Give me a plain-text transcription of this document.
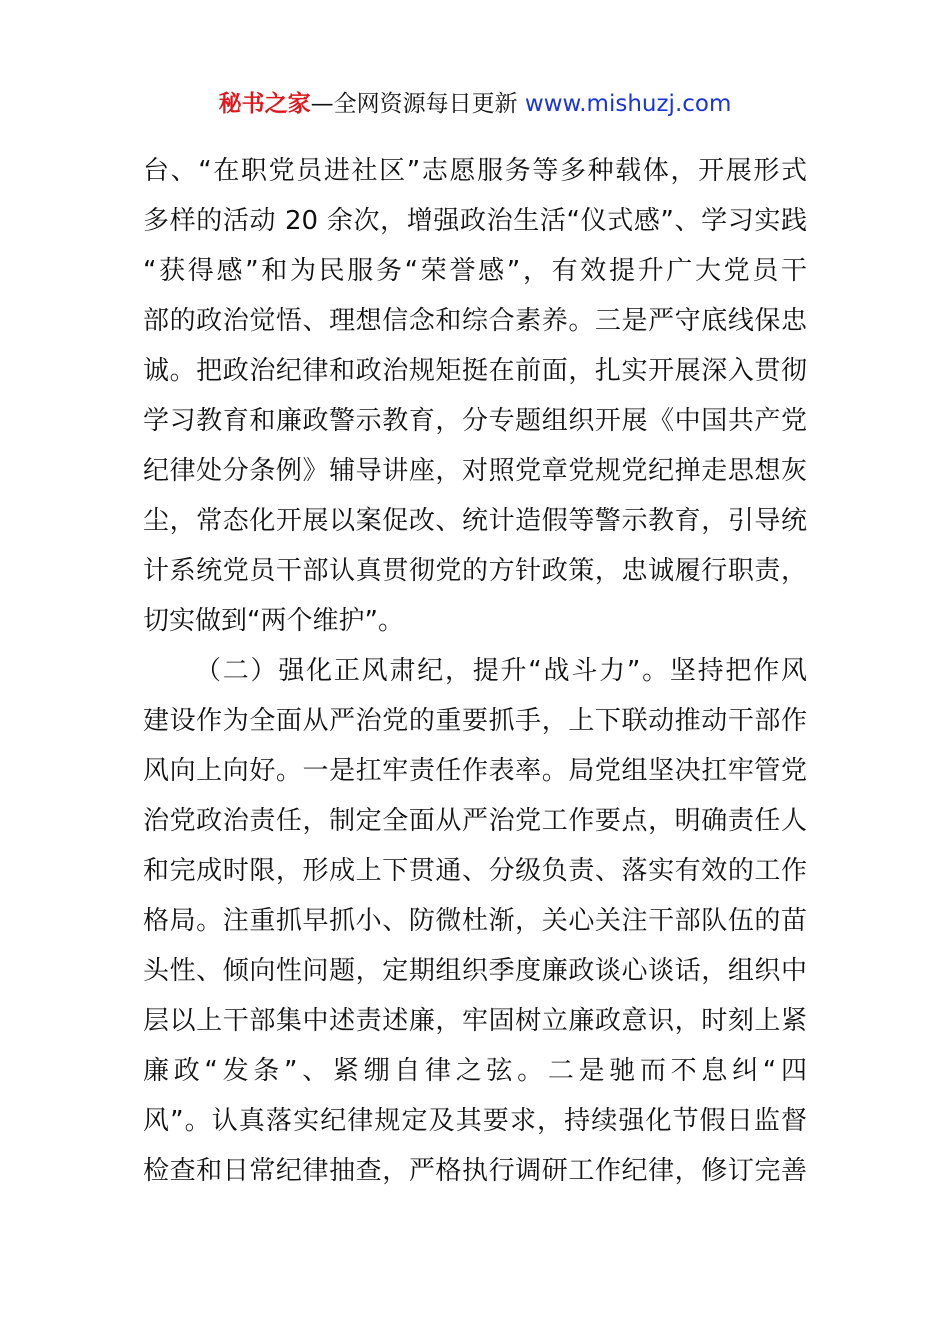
秘书之家—全网资源每日更新 www.mishuzj.com
台、“在职党员进社区”志愿服务等多种载体，开展形式
多样的活动 20 余次，增强政治生活“仪式感”、学习实践
“获得感”和为民服务“荣誉感”，有效提升广大党员干
部的政治觉悟、理想信念和综合素养。三是严守底线保忠
诚。把政治纪律和政治规矩挺在前面，扎实开展深入贯彻
学习教育和廉政警示教育，分专题组织开展《中国共产党
纪律处分条例》辅导讲座，对照党章党规党纪掸走思想灰
尘，常态化开展以案促改、统计造假等警示教育，引导统
计系统党员干部认真贯彻党的方针政策，忠诚履行职责，
切实做到“两个维护”。
（二）强化正风肃纪，提升“战斗力”。坚持把作风
建设作为全面从严治党的重要抓手，上下联动推动干部作
风向上向好。一是扛牢责任作表率。局党组坚决扛牢管党
治党政治责任，制定全面从严治党工作要点，明确责任人
和完成时限，形成上下贯通、分级负责、落实有效的工作
格局。注重抓早抓小、防微杜渐，关心关注干部队伍的苗
头性、倾向性问题，定期组织季度廉政谈心谈话，组织中
层以上干部集中述责述廉，牢固树立廉政意识，时刻上紧
廉政“发条”、紧绷自律之弦。二是驰而不息纠“四
风”。认真落实纪律规定及其要求，持续强化节假日监督
检查和日常纪律抽查，严格执行调研工作纪律，修订完善
